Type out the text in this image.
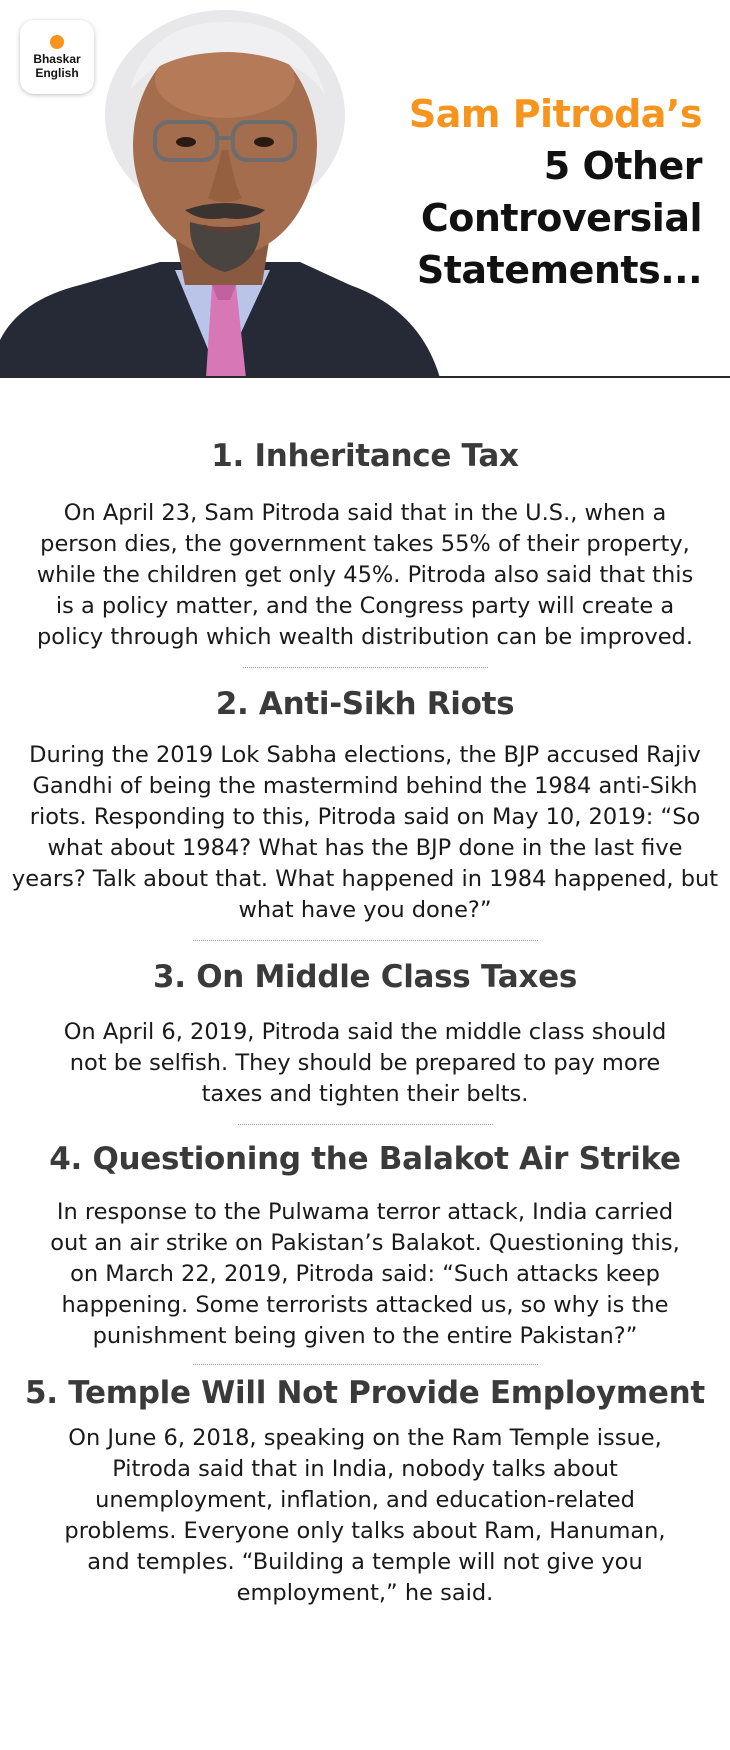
Bhaskar English
Sam Pitroda’s
5 Other
Controversial
Statements...
1. Inheritance Tax

On April 23, Sam Pitroda said that in the U.S., when a person dies, the government takes 55% of their property, while the children get only 45%. Pitroda also said that this is a policy matter, and the Congress party will create a policy through which wealth distribution can be improved.

2. Anti-Sikh Riots

During the 2019 Lok Sabha elections, the BJP accused Rajiv Gandhi of being the mastermind behind the 1984 anti-Sikh riots. Responding to this, Pitroda said on May 10, 2019: “So what about 1984? What has the BJP done in the last five years? Talk about that. What happened in 1984 happened, but what have you done?”

3. On Middle Class Taxes

On April 6, 2019, Pitroda said the middle class should not be selfish. They should be prepared to pay more taxes and tighten their belts.

4. Questioning the Balakot Air Strike

In response to the Pulwama terror attack, India carried out an air strike on Pakistan’s Balakot. Questioning this, on March 22, 2019, Pitroda said: “Such attacks keep happening. Some terrorists attacked us, so why is the punishment being given to the entire Pakistan?”

5. Temple Will Not Provide Employment

On June 6, 2018, speaking on the Ram Temple issue, Pitroda said that in India, nobody talks about unemployment, inflation, and education-related problems. Everyone only talks about Ram, Hanuman, and temples. “Building a temple will not give you employment,” he said.
